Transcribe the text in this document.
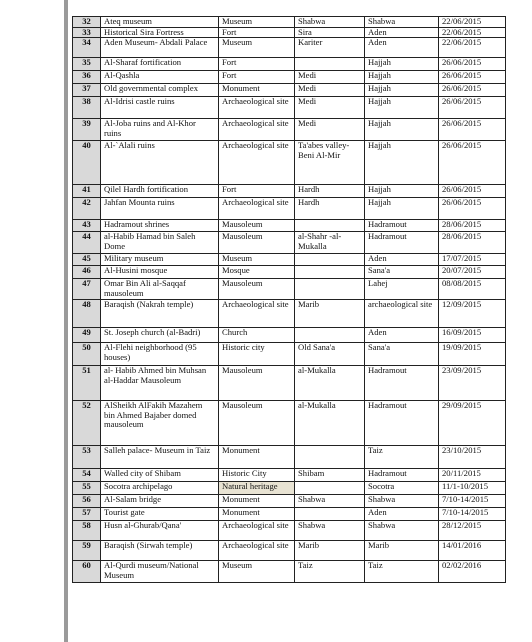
32	Ateq museum	Museum	Shabwa	Shabwa	22/06/2015
33	Historical Sira Fortress	Fort	Sira	Aden	22/06/2015
34	Aden Museum- Abdali Palace	Museum	Kariter	Aden	22/06/2015
35	Al-Sharaf fortification	Fort		Hajjah	26/06/2015
36	Al-Qashla	Fort	Medi	Hajjah	26/06/2015
37	Old governmental complex	Monument	Medi	Hajjah	26/06/2015
38	Al-Idrisi castle ruins	Archaeological site	Medi	Hajjah	26/06/2015
39	Al-Joba ruins and Al-Khor ruins	Archaeological site	Medi	Hajjah	26/06/2015
40	Al-`Alali ruins	Archaeological site	Ta'abes valley-Beni Al-Mir	Hajjah	26/06/2015
41	Qilel Hardh fortification	Fort	Hardh	Hajjah	26/06/2015
42	Jahfan Mounta ruins	Archaeological site	Hardh	Hajjah	26/06/2015
43	Hadramout shrines	Mausoleum		Hadramout	28/06/2015
44	al-Habib Hamad bin Saleh Dome	Mausoleum	al-Shahr -al-Mukalla	Hadramout	28/06/2015
45	Military museum	Museum		Aden	17/07/2015
46	Al-Husini mosque	Mosque		Sana'a	20/07/2015
47	Omar Bin Ali al-Saqqaf mausoleum	Mausoleum		Lahej	08/08/2015
48	Baraqish (Nakrah temple)	Archaeological site	Marib	archaeological site	12/09/2015
49	St. Joseph church (al-Badri)	Church		Aden	16/09/2015
50	Al-Flehi neighborhood (95 houses)	Historic city	Old Sana'a	Sana'a	19/09/2015
51	al- Habib Ahmed bin Muhsan al-Haddar Mausoleum	Mausoleum	al-Mukalla	Hadramout	23/09/2015
52	AlSheikh AlFakih Mazahem bin Ahmed Bajaber domed mausoleum	Mausoleum	al-Mukalla	Hadramout	29/09/2015
53	Salleh palace- Museum in Taiz	Monument		Taiz	23/10/2015
54	Walled city of Shibam	Historic City	Shibam	Hadramout	20/11/2015
55	Socotra archipelago	Natural heritage		Socotra	11/1-10/2015
56	Al-Salam bridge	Monument	Shabwa	Shabwa	7/10-14/2015
57	Tourist gate	Monument		Aden	7/10-14/2015
58	Husn al-Ghurab/Qana'	Archaeological site	Shabwa	Shabwa	28/12/2015
59	Baraqish (Sirwah temple)	Archaeological site	Marib	Marib	14/01/2016
60	Al-Qurdi museum/National Museum	Museum	Taiz	Taiz	02/02/2016
